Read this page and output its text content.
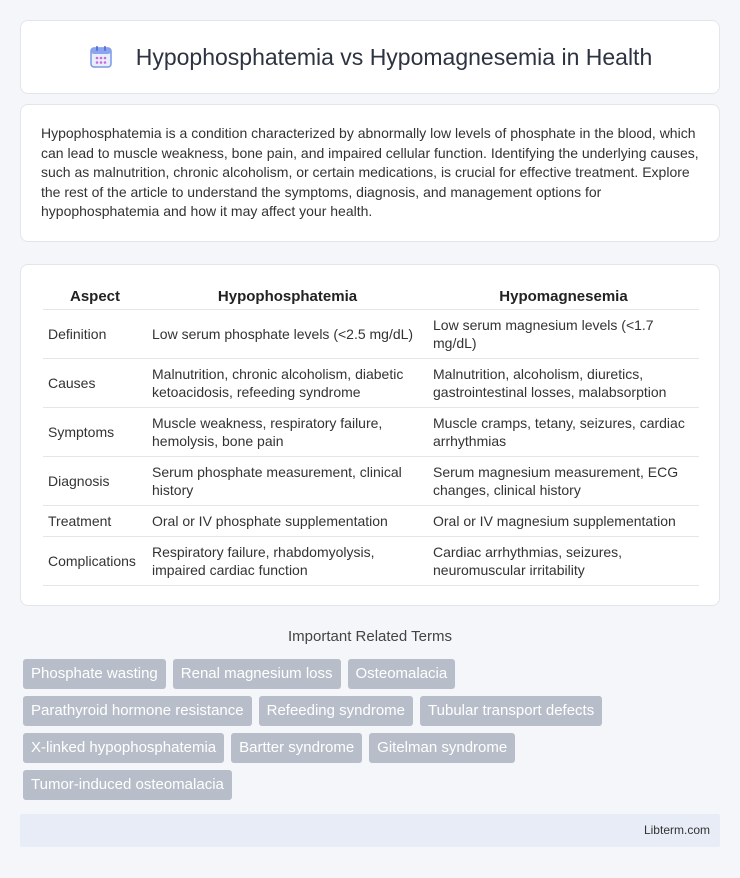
Hypophosphatemia vs Hypomagnesemia in Health

Hypophosphatemia is a condition characterized by abnormally low levels of phosphate in the blood, which can lead to muscle weakness, bone pain, and impaired cellular function. Identifying the underlying causes, such as malnutrition, chronic alcoholism, or certain medications, is crucial for effective treatment. Explore the rest of the article to understand the symptoms, diagnosis, and management options for hypophosphatemia and how it may affect your health.

Aspect	Hypophosphatemia	Hypomagnesemia
Definition	Low serum phosphate levels (<2.5 mg/dL)	Low serum magnesium levels (<1.7 mg/dL)
Causes	Malnutrition, chronic alcoholism, diabetic ketoacidosis, refeeding syndrome	Malnutrition, alcoholism, diuretics, gastrointestinal losses, malabsorption
Symptoms	Muscle weakness, respiratory failure, hemolysis, bone pain	Muscle cramps, tetany, seizures, cardiac arrhythmias
Diagnosis	Serum phosphate measurement, clinical history	Serum magnesium measurement, ECG changes, clinical history
Treatment	Oral or IV phosphate supplementation	Oral or IV magnesium supplementation
Complications	Respiratory failure, rhabdomyolysis, impaired cardiac function	Cardiac arrhythmias, seizures, neuromuscular irritability
Important Related Terms
Phosphate wasting	Renal magnesium loss	Osteomalacia
Parathyroid hormone resistance	Refeeding syndrome	Tubular transport defects
X-linked hypophosphatemia	Bartter syndrome	Gitelman syndrome
Tumor-induced osteomalacia
Libterm.com
